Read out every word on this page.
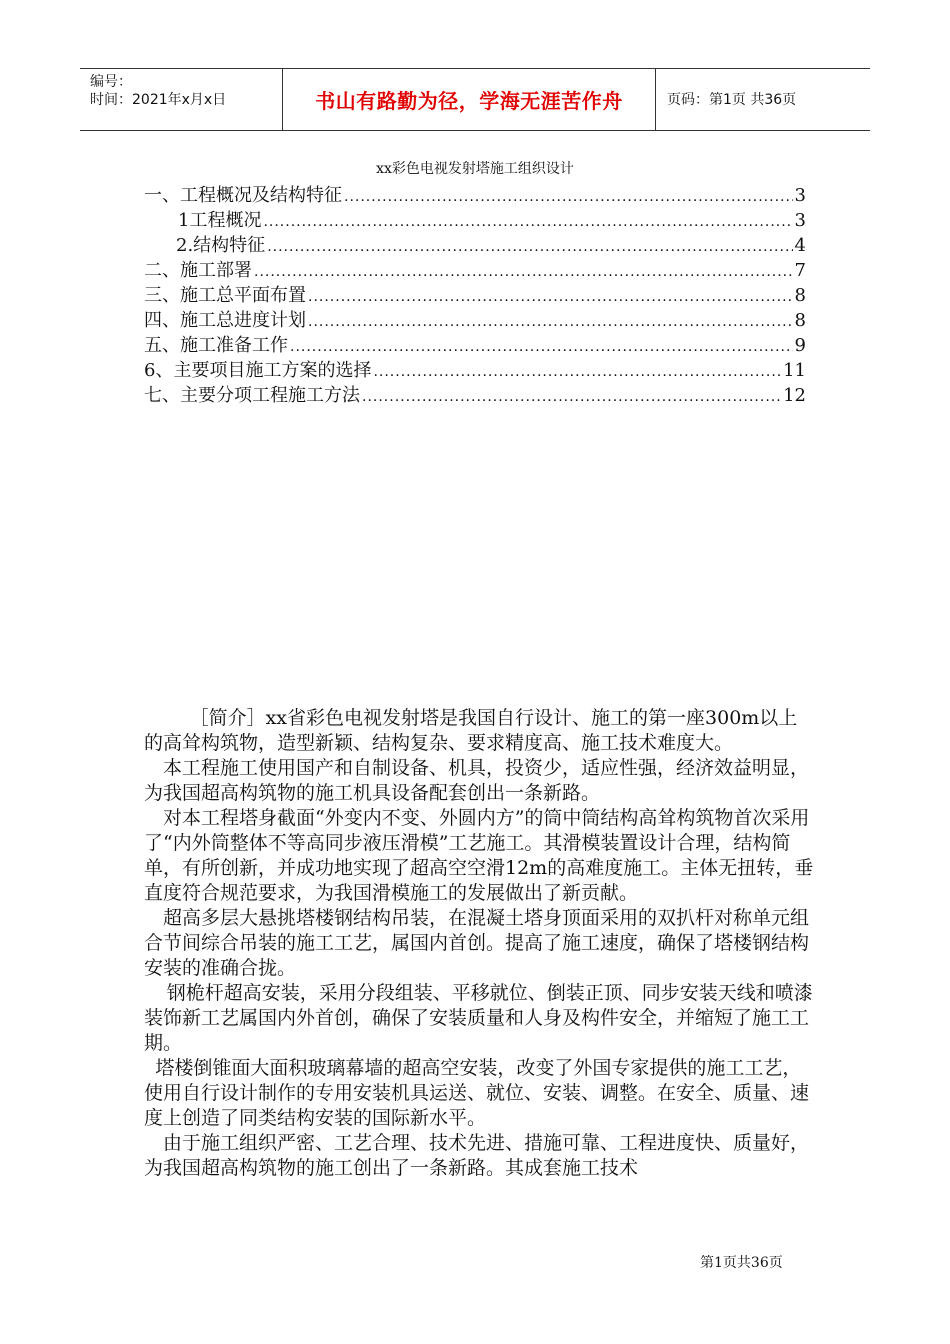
编号：
时间：2021年x月x日	书山有路勤为径，学海无涯苦作舟	页码：第1页 共36页
xx彩色电视发射塔施工组织设计
一、工程概况及结构特征 .....	3
1工程概况 .....	3
2.结构特征 .....	4
二、施工部署 .....	7
三、施工总平面布置 .....	8
四、施工总进度计划 .....	8
五、施工准备工作 .....	9
6、主要项目施工方案的选择 .....	11
七、主要分项工程施工方法 .....	12

［简介］xx省彩色电视发射塔是我国自行设计、施工的第一座300m以上的高耸构筑物，造型新颖、结构复杂、要求精度高、施工技术难度大。

本工程施工使用国产和自制设备、机具，投资少，适应性强，经济效益明显，为我国超高构筑物的施工机具设备配套创出一条新路。

对本工程塔身截面“外变内不变、外圆内方”的筒中筒结构高耸构筑物首次采用了“内外筒整体不等高同步液压滑模”工艺施工。其滑模装置设计合理，结构简单，有所创新，并成功地实现了超高空空滑12m的高难度施工。主体无扭转，垂直度符合规范要求，为我国滑模施工的发展做出了新贡献。

超高多层大悬挑塔楼钢结构吊装，在混凝土塔身顶面采用的双扒杆对称单元组合节间综合吊装的施工工艺，属国内首创。提高了施工速度，确保了塔楼钢结构安装的准确合拢。

钢桅杆超高安装，采用分段组装、平移就位、倒装正顶、同步安装天线和喷漆装饰新工艺属国内外首创，确保了安装质量和人身及构件安全，并缩短了施工工期。

塔楼倒锥面大面积玻璃幕墙的超高空安装，改变了外国专家提供的施工工艺，使用自行设计制作的专用安装机具运送、就位、安装、调整。在安全、质量、速度上创造了同类结构安装的国际新水平。

由于施工组织严密、工艺合理、技术先进、措施可靠、工程进度快、质量好，为我国超高构筑物的施工创出了一条新路。其成套施工技术

第1页共36页
